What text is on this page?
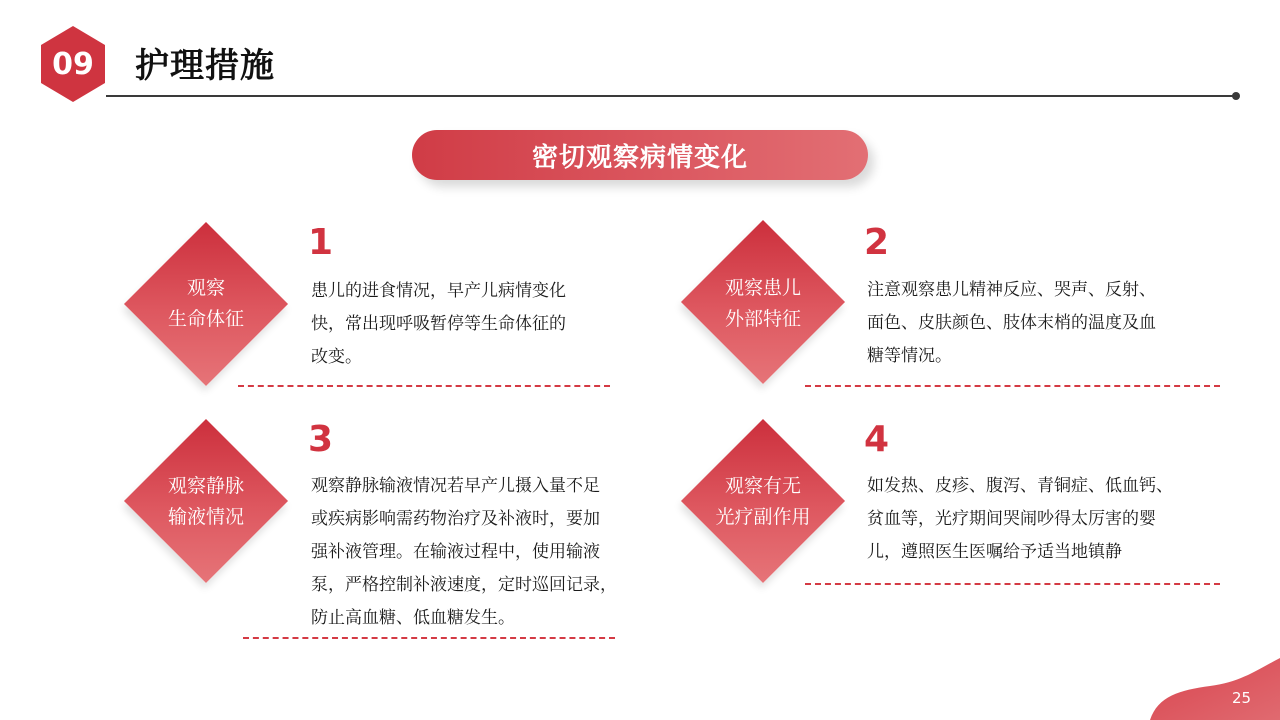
09	护理措施
密切观察病情变化
观察
生命体征
1
患儿的进食情况，早产儿病情变化
快，常出现呼吸暂停等生命体征的
改变。
观察患儿
外部特征
2
注意观察患儿精神反应、哭声、反射、
面色、皮肤颜色、肢体末梢的温度及血
糖等情况。
观察静脉
输液情况
3
观察静脉输液情况若早产儿摄入量不足
或疾病影响需药物治疗及补液时，要加
强补液管理。在输液过程中，使用输液
泵，严格控制补液速度，定时巡回记录，
防止高血糖、低血糖发生。
观察有无
光疗副作用
4
如发热、皮疹、腹泻、青铜症、低血钙、
贫血等，光疗期间哭闹吵得太厉害的婴
儿，遵照医生医嘱给予适当地镇静
25
